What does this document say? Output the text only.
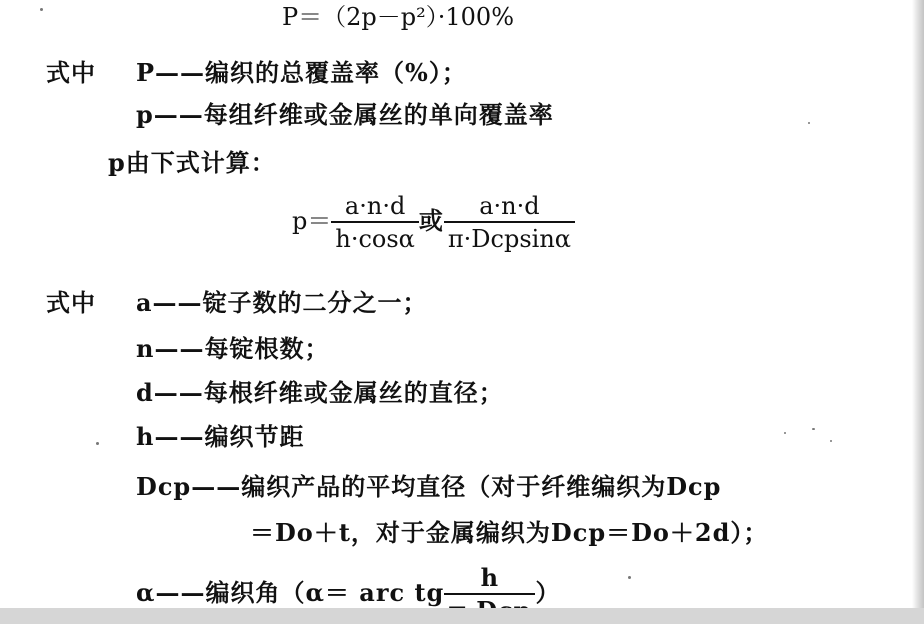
P＝（2p－p²）·100%
式中 P——编织的总覆盖率（%）；
p——每组纤维或金属丝的单向覆盖率
p由下式计算：
$p= \frac{a\cdot n\cdot d}{h\cdot\cos\alpha}$ 或 $\frac{a\cdot n\cdot d}{\text{π·Dcpsinα}}$
式中 a——锭子数的二分之一；
n——每锭根数；
d——每根纤维或金属丝的直径；
h——编织节距
Dcp——编织产品的平均直径（对于纤维编织为Dcp
＝Do＋t，对于金属编织为Dcp＝Do＋2d）；
α——编织角（α＝ arc tg
h
）
